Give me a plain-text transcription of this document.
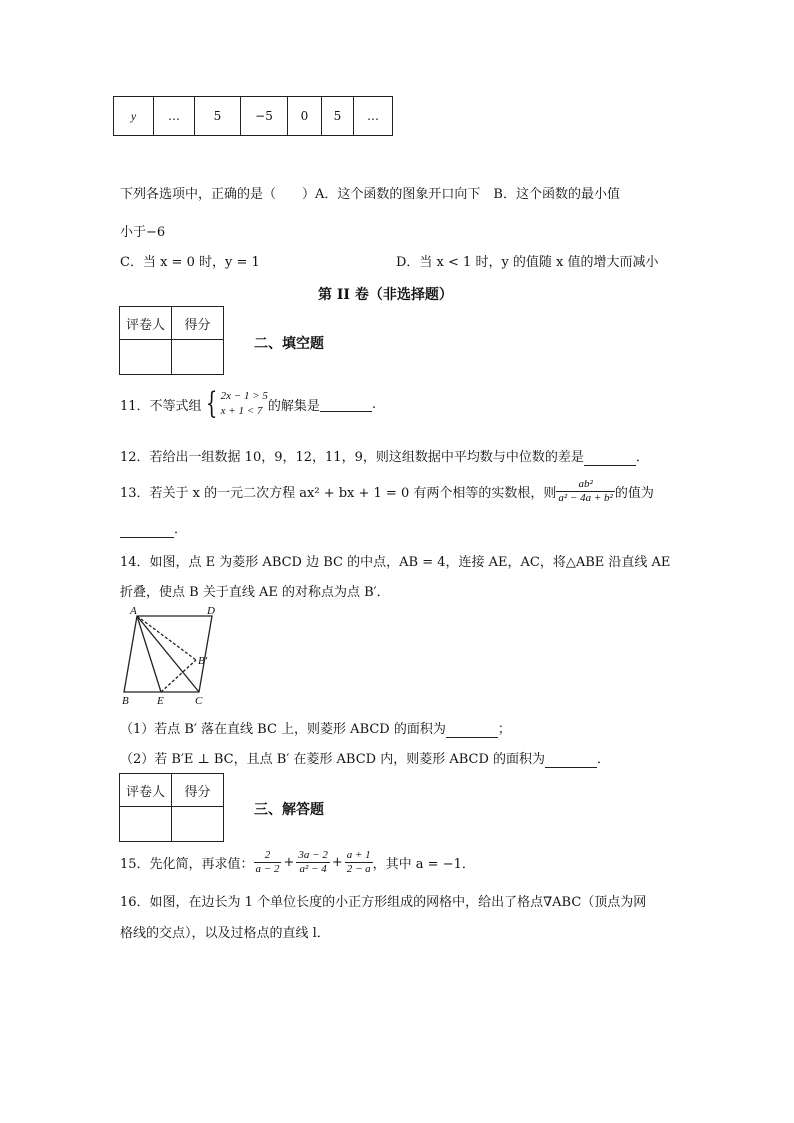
y	…	5	−5	0	5	…
下列各选项中，正确的是（　　）A．这个函数的图象开口向下　B．这个函数的最小值
小于−6
C．当 x = 0 时，y = 1	D．当 x < 1 时，y 的值随 x 值的增大而减小
第 II 卷（非选择题）
评卷人	得分

二、填空题
11．不等式组 { 2x − 1 > 5
x + 1 < 7 的解集是
	.
12．若给出一组数据 10，9，12，11，9，则这组数据中平均数与中位数的差是	．
13．若关于 x 的一元二次方程 ax² + bx + 1 = 0 有两个相等的实数根，则 $\frac{\text{ab²}}{\text{a² − 4a + b²}}$ 的值为
．
14．如图，点 E 为菱形 ABCD 边 BC 的中点，AB = 4，连接 AE，AC，将△ABE 沿直线 AE
折叠，使点 B 关于直线 AE 的对称点为点 B′．
A	D
B	E	C
B′
（1）若点 B′ 落在直线 BC 上，则菱形 ABCD 的面积为	；
（2）若 B′E ⊥ BC，且点 B′ 在菱形 ABCD 内，则菱形 ABCD 的面积为	．
评卷人	得分

三、解答题
15．先化简，再求值： $\frac{2}{a - 2} + \frac{3a - 2}{\text{a² − 4}} + \frac{a + 1}{2 - a}$ ，其中 a = −1．
16．如图，在边长为 1 个单位长度的小正方形组成的网格中，给出了格点∇ABC（顶点为网
格线的交点），以及过格点的直线 l．
